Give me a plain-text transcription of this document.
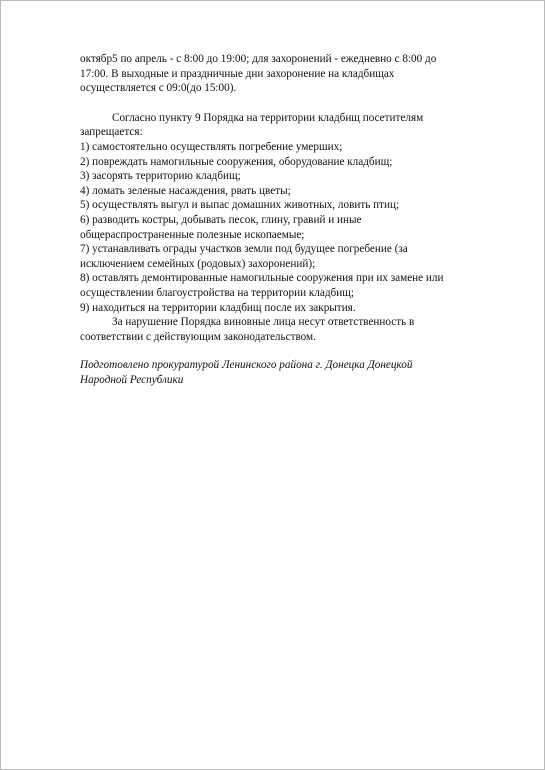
октябр5 по апрель - с 8:00 до 19:00; для захоронений - ежедневно с 8:00 до
17:00. В выходные и праздничные дни захоронение на кладбищах
осуществляется с 09:0(до 15:00).
Согласно пункту 9 Порядка на территории кладбищ посетителям
запрещается:
1) самостоятельно осуществлять погребение умерших;
2) повреждать намогильные сооружения, оборудование кладбищ;
3) засорять территорию кладбищ;
4) ломать зеленые насаждения, рвать цветы;
5) осуществлять выгул и выпас домашних животных, ловить птиц;
6) разводить костры, добывать песок, глину, гравий и иные
общераспространенные полезные ископаемые;
7) устанавливать ограды участков земли под будущее погребение (за
исключением семейных (родовых) захоронений);
8) оставлять демонтированные намогильные сооружения при их замене или
осуществлении благоустройства на территории кладбищ;
9) находиться на территории кладбищ после их закрытия.
За нарушение Порядка виновные лица несут ответственность в
соответствии с действующим законодательством.
Подготовлено прокуратурой Ленинского района г. Донецка Донецкой
Народной Республики
